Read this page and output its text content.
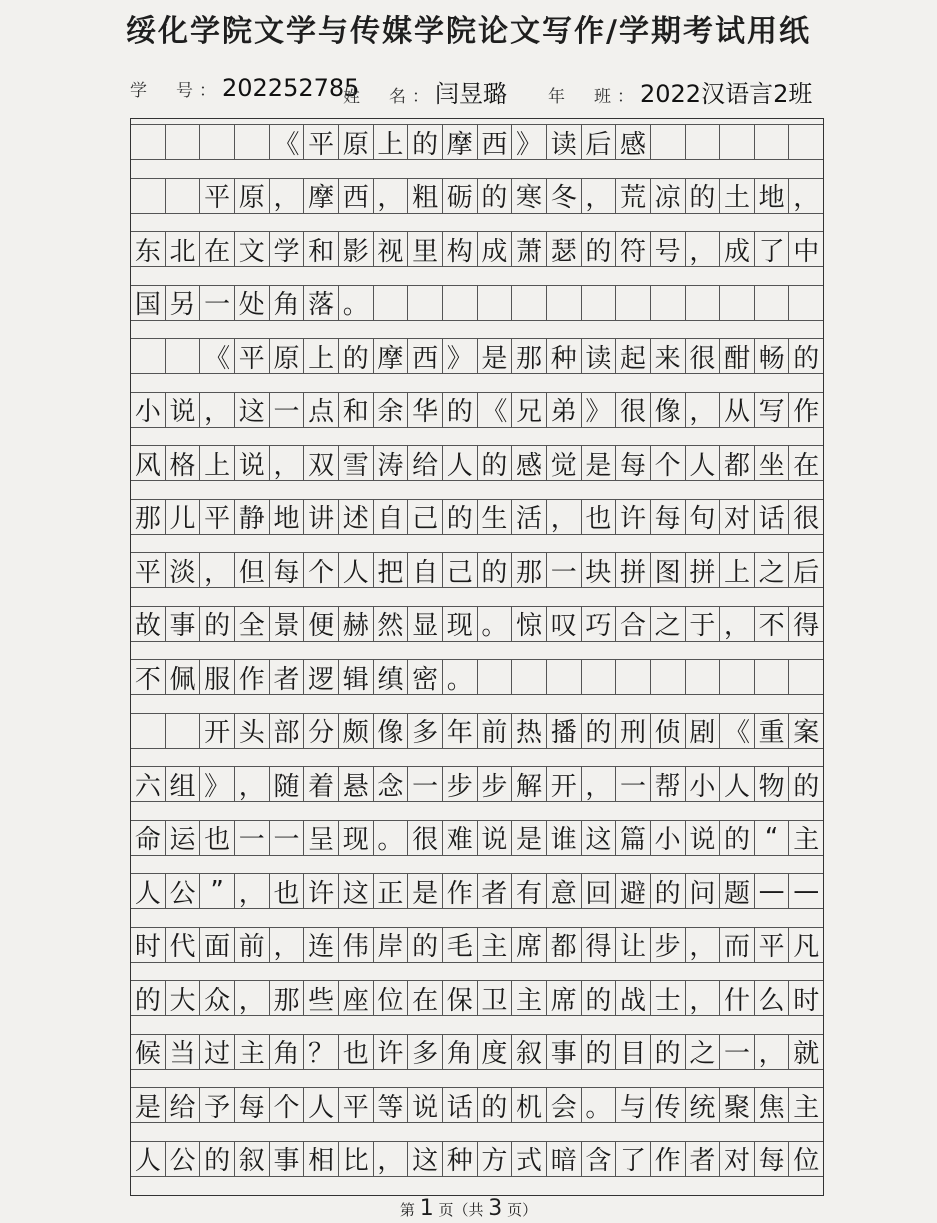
绥化学院文学与传媒学院论文写作/学期考试用纸
学　号：202252785
姓　名：闫昱璐 年　班：2022汉语言2班
《 平 原 上 的 摩 西 》 读 后 感
平 原 ， 摩 西 ， 粗 砺 的 寒 冬 ， 荒 凉 的 土 地 ，
东 北 在 文 学 和 影 视 里 构 成 萧 瑟 的 符 号 ， 成 了 中
国 另 一 处 角 落 。
《 平 原 上 的 摩 西 》 是 那 种 读 起 来 很 酣 畅 的
小 说 ， 这 一 点 和 余 华 的 《 兄 弟 》 很 像 ， 从 写 作
风 格 上 说 ， 双 雪 涛 给 人 的 感 觉 是 每 个 人 都 坐 在
那 儿 平 静 地 讲 述 自 己 的 生 活 ， 也 许 每 句 对 话 很
平 淡 ， 但 每 个 人 把 自 己 的 那 一 块 拼 图 拼 上 之 后
故 事 的 全 景 便 赫 然 显 现 。 惊 叹 巧 合 之 于 ， 不 得
不 佩 服 作 者 逻 辑 缜 密 。
开 头 部 分 颇 像 多 年 前 热 播 的 刑 侦 剧 《 重 案
六 组 》 ， 随 着 悬 念 一 步 步 解 开 ， 一 帮 小 人 物 的
命 运 也 一 一 呈 现 。 很 难 说 是 谁 这 篇 小 说 的 “ 主
人 公 ” ， 也 许 这 正 是 作 者 有 意 回 避 的 问 题 — —
时 代 面 前 ， 连 伟 岸 的 毛 主 席 都 得 让 步 ， 而 平 凡
的 大 众 ， 那 些 座 位 在 保 卫 主 席 的 战 士 ， 什 么 时
候 当 过 主 角 ？ 也 许 多 角 度 叙 事 的 目 的 之 一 ， 就
是 给 予 每 个 人 平 等 说 话 的 机 会 。 与 传 统 聚 焦 主
人 公 的 叙 事 相 比 ， 这 种 方 式 暗 含 了 作 者 对 每 位
第 1 页（共 3 页）
